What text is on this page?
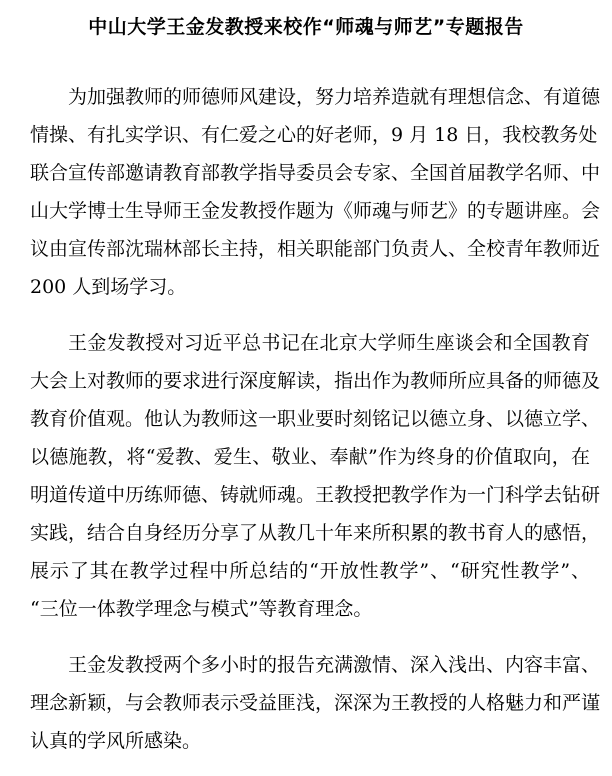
中山大学王金发教授来校作“师魂与师艺”专题报告
为加强教师的师德师风建设，努力培养造就有理想信念、有道德
情操、有扎实学识、有仁爱之心的好老师，9 月 18 日，我校教务处
联合宣传部邀请教育部教学指导委员会专家、全国首届教学名师、中
山大学博士生导师王金发教授作题为《师魂与师艺》的专题讲座。会
议由宣传部沈瑞林部长主持，相关职能部门负责人、全校青年教师近
200 人到场学习。
王金发教授对习近平总书记在北京大学师生座谈会和全国教育
大会上对教师的要求进行深度解读，指出作为教师所应具备的师德及
教育价值观。他认为教师这一职业要时刻铭记以德立身、以德立学、
以德施教，将“爱教、爱生、敬业、奉献”作为终身的价值取向，在
明道传道中历练师德、铸就师魂。王教授把教学作为一门科学去钻研
实践，结合自身经历分享了从教几十年来所积累的教书育人的感悟，
展示了其在教学过程中所总结的“开放性教学”、“研究性教学”、
“三位一体教学理念与模式”等教育理念。
王金发教授两个多小时的报告充满激情、深入浅出、内容丰富、
理念新颖，与会教师表示受益匪浅，深深为王教授的人格魅力和严谨
认真的学风所感染。
